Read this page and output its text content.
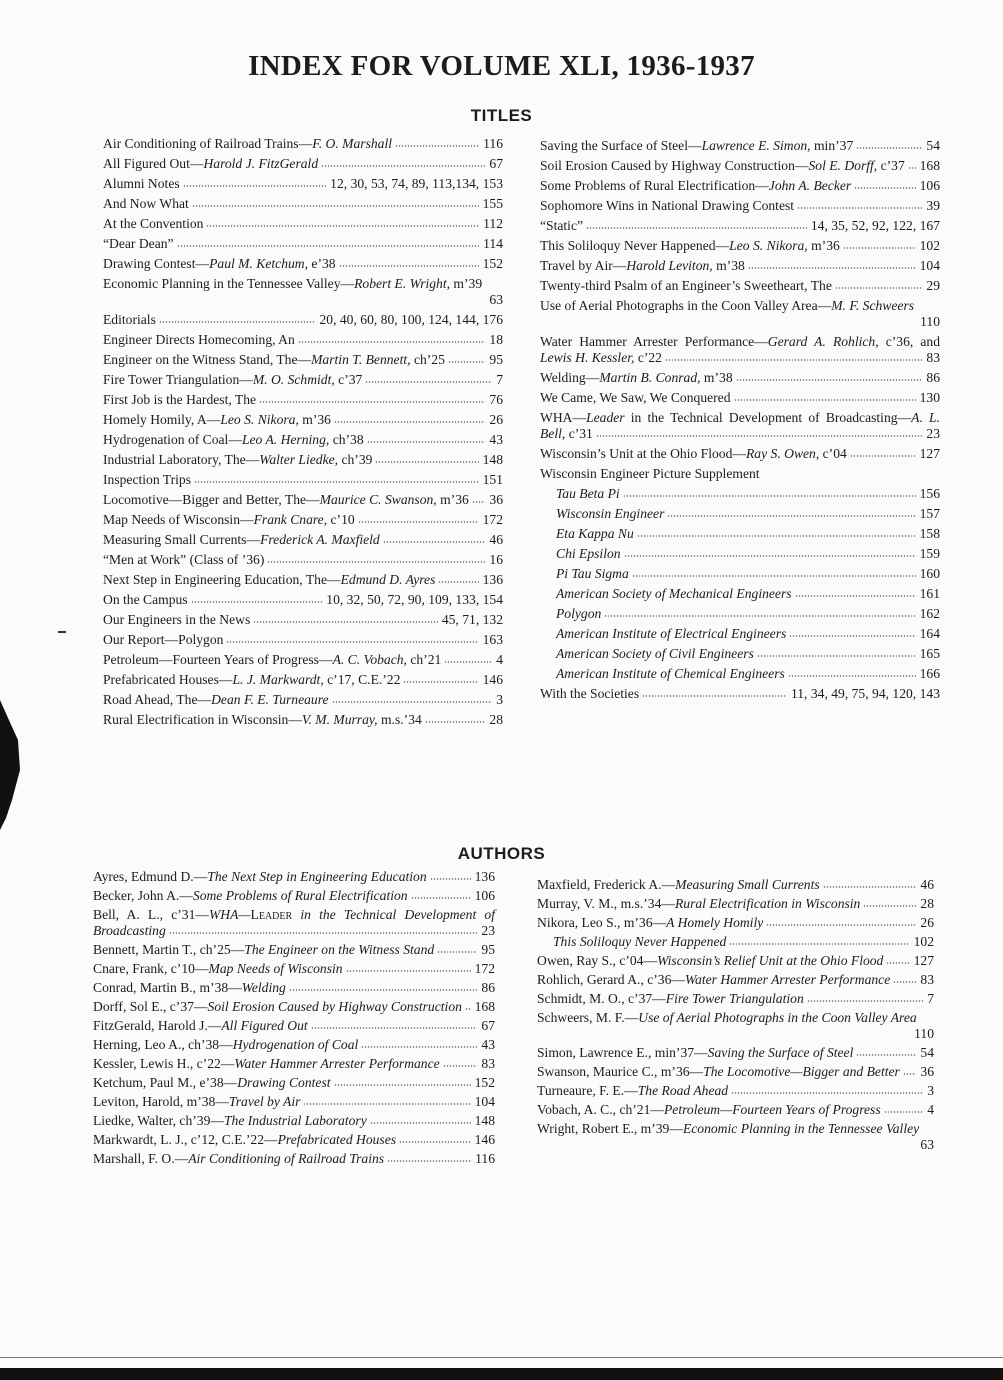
INDEX FOR VOLUME XLI, 1936-1937
TITLES
AUTHORS
Air Conditioning of Railroad Trains—F. O. Marshall	116
All Figured Out—Harold J. FitzGerald	67
Alumni Notes	12, 30, 53, 74, 89, 113,134, 153
And Now What	155
At the Convention	112
“Dear Dean”	114
Drawing Contest—Paul M. Ketchum, e’38	152
Economic Planning in the Tennessee Valley—Robert E. Wright, m’39
63
Editorials	20, 40, 60, 80, 100, 124, 144, 176
Engineer Directs Homecoming, An	18
Engineer on the Witness Stand, The—Martin T. Bennett, ch’25	95
Fire Tower Triangulation—M. O. Schmidt, c’37	7
First Job is the Hardest, The	76
Homely Homily, A—Leo S. Nikora, m’36	26
Hydrogenation of Coal—Leo A. Herning, ch’38	43
Industrial Laboratory, The—Walter Liedke, ch’39	148
Inspection Trips	151
Locomotive—Bigger and Better, The—Maurice C. Swanson, m’36	36
Map Needs of Wisconsin—Frank Cnare, c’10	172
Measuring Small Currents—Frederick A. Maxfield	46
“Men at Work” (Class of ’36)	16
Next Step in Engineering Education, The—Edmund D. Ayres	136
On the Campus	10, 32, 50, 72, 90, 109, 133, 154
Our Engineers in the News	45, 71, 132
Our Report—Polygon	163
Petroleum—Fourteen Years of Progress—A. C. Vobach, ch’21	4
Prefabricated Houses—L. J. Markwardt, c’17, C.E.’22	146
Road Ahead, The—Dean F. E. Turneaure	3
Rural Electrification in Wisconsin—V. M. Murray, m.s.’34	28
Saving the Surface of Steel—Lawrence E. Simon, min’37	54
Soil Erosion Caused by Highway Construction—Sol E. Dorff, c’37	168
Some Problems of Rural Electrification—John A. Becker	106
Sophomore Wins in National Drawing Contest	39
“Static”	14, 35, 52, 92, 122, 167
This Soliloquy Never Happened—Leo S. Nikora, m’36	102
Travel by Air—Harold Leviton, m’38	104
Twenty-third Psalm of an Engineer’s Sweetheart, The	29
Use of Aerial Photographs in the Coon Valley Area—M. F. Schweers
110
Water Hammer Arrester Performance—Gerard A. Rohlich, c’36, and Lewis H. Kessler, c’22	83
Welding—Martin B. Conrad, m’38	86
We Came, We Saw, We Conquered	130
WHA—Leader in the Technical Development of Broadcasting—A. L. Bell, c’31	23
Wisconsin’s Unit at the Ohio Flood—Ray S. Owen, c’04	127
Wisconsin Engineer Picture Supplement
Tau Beta Pi	156
Wisconsin Engineer	157
Eta Kappa Nu	158
Chi Epsilon	159
Pi Tau Sigma	160
American Society of Mechanical Engineers	161
Polygon	162
American Institute of Electrical Engineers	164
American Society of Civil Engineers	165
American Institute of Chemical Engineers	166
With the Societies	11, 34, 49, 75, 94, 120, 143
Ayres, Edmund D.—The Next Step in Engineering Education	136
Becker, John A.—Some Problems of Rural Electrification	106
Bell, A. L., c’31—WHA—Leader in the Technical Development of Broadcasting	23
Bennett, Martin T., ch’25—The Engineer on the Witness Stand	95
Cnare, Frank, c’10—Map Needs of Wisconsin	172
Conrad, Martin B., m’38—Welding	86
Dorff, Sol E., c’37—Soil Erosion Caused by Highway Construction 168
FitzGerald, Harold J.—All Figured Out	67
Herning, Leo A., ch’38—Hydrogenation of Coal	43
Kessler, Lewis H., c’22—Water Hammer Arrester Performance	83
Ketchum, Paul M., e’38—Drawing Contest	152
Leviton, Harold, m’38—Travel by Air	104
Liedke, Walter, ch’39—The Industrial Laboratory	148
Markwardt, L. J., c’12, C.E.’22—Prefabricated Houses	146
Marshall, F. O.—Air Conditioning of Railroad Trains	116
Maxfield, Frederick A.—Measuring Small Currents	46
Murray, V. M., m.s.’34—Rural Electrification in Wisconsin	28
Nikora, Leo S., m’36—A Homely Homily	26
This Soliloquy Never Happened	102
Owen, Ray S., c’04—Wisconsin’s Relief Unit at the Ohio Flood	127
Rohlich, Gerard A., c’36—Water Hammer Arrester Performance	83
Schmidt, M. O., c’37—Fire Tower Triangulation	7
Schweers, M. F.—Use of Aerial Photographs in the Coon Valley Area
110
Simon, Lawrence E., min’37—Saving the Surface of Steel	54
Swanson, Maurice C., m’36—The Locomotive—Bigger and Better	36
Turneaure, F. E.—The Road Ahead	3
Vobach, A. C., ch’21—Petroleum—Fourteen Years of Progress	4
Wright, Robert E., m’39—Economic Planning in the Tennessee Valley
63
